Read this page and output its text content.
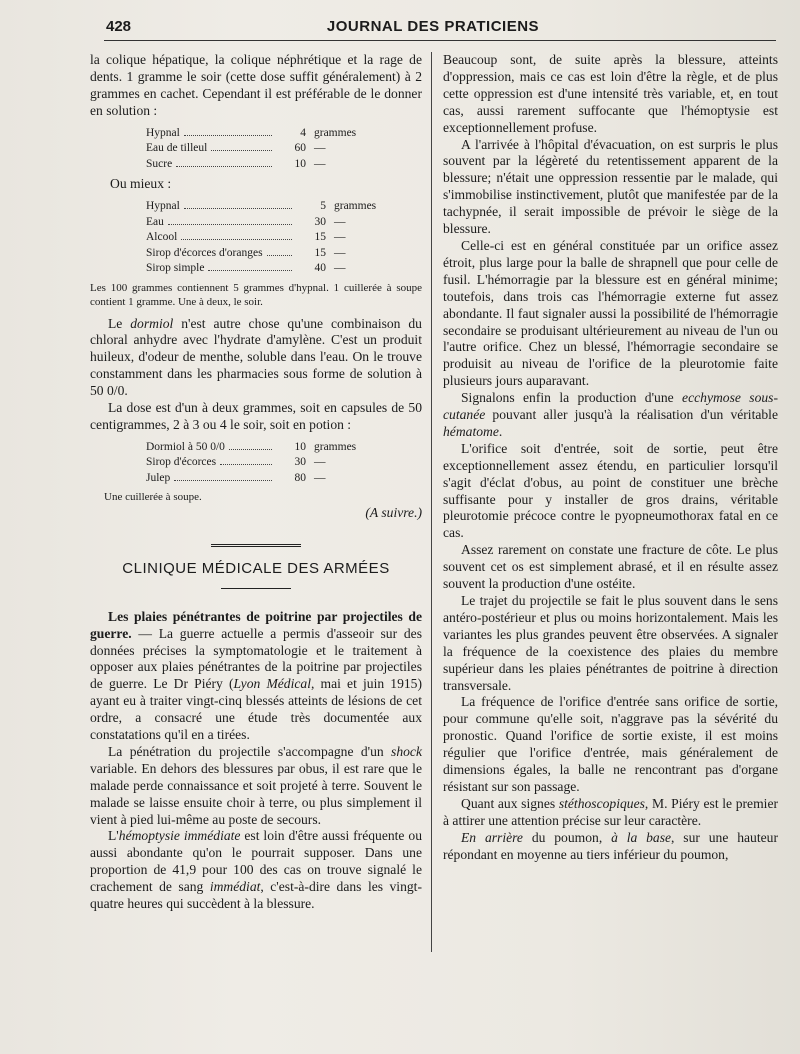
428	JOURNAL DES PRATICIENS

la colique hépatique, la colique néphrétique et la rage de dents. 1 gramme le soir (cette dose suffit généralement) à 2 grammes en cachet. Cependant il est préférable de le donner en solution :

Hypnal	4 grammes
Eau de tilleul	60 —
Sucre	10 —
Ou mieux :
Hypnal	5 grammes
Eau	30 —
Alcool	15 —
Sirop d'écorces d'oranges	15 —
Sirop simple	40 —

Les 100 grammes contiennent 5 grammes d'hypnal. 1 cuillerée à soupe contient 1 gramme. Une à deux, le soir.

Le dormiol n'est autre chose qu'une combinaison du chloral anhydre avec l'hydrate d'amylène. C'est un produit huileux, d'odeur de menthe, soluble dans l'eau. On le trouve constamment dans les pharmacies sous forme de solution à 50 0/0.

La dose est d'un à deux grammes, soit en capsules de 50 centigrammes, 2 à 3 ou 4 le soir, soit en potion :

Dormiol à 50 0/0	10 grammes
Sirop d'écorces	30 —
Julep	80 —

Une cuillerée à soupe.

(A suivre.)

CLINIQUE MÉDICALE DES ARMÉES

Les plaies pénétrantes de poitrine par projectiles de guerre. — La guerre actuelle a permis d'asseoir sur des données précises la symptomatologie et le traitement à opposer aux plaies pénétrantes de la poitrine par projectiles de guerre. Le Dr Piéry (Lyon Médical, mai et juin 1915) ayant eu à traiter vingt-cinq blessés atteints de lésions de cet ordre, a consacré une étude très documentée aux constatations qu'il en a tirées.

La pénétration du projectile s'accompagne d'un shock variable. En dehors des blessures par obus, il est rare que le malade perde connaissance et soit projeté à terre. Souvent le malade se laisse ensuite choir à terre, ou plus simplement il vient à pied lui-même au poste de secours.

L'hémoptysie immédiate est loin d'être aussi fréquente ou aussi abondante qu'on le pourrait supposer. Dans une proportion de 41,9 pour 100 des cas on trouve signalé le crachement de sang immédiat, c'est-à-dire dans les vingt-quatre heures qui succèdent à la blessure.

Beaucoup sont, de suite après la blessure, atteints d'oppression, mais ce cas est loin d'être la règle, et de plus cette oppression est d'une intensité très variable, et, en tout cas, aussi rarement suffocante que l'hémoptysie est exceptionnellement profuse.

A l'arrivée à l'hôpital d'évacuation, on est surpris le plus souvent par la légèreté du retentissement apparent de la blessure; n'était une oppression ressentie par le malade, qui s'immobilise instinctivement, plutôt que manifestée par de la tachypnée, il serait impossible de prévoir le siège de la blessure.

Celle-ci est en général constituée par un orifice assez étroit, plus large pour la balle de shrapnell que pour celle de fusil. L'hémorragie par la blessure est en général minime; toutefois, dans trois cas l'hémorragie externe fut assez abondante. Il faut signaler aussi la possibilité de l'hémorragie secondaire se produisant ultérieurement au niveau de l'un ou l'autre orifice. Chez un blessé, l'hémorragie secondaire se produisit au niveau de l'orifice de la pleurotomie faite plusieurs jours auparavant.

Signalons enfin la production d'une ecchymose sous-cutanée pouvant aller jusqu'à la réalisation d'un véritable hématome.

L'orifice soit d'entrée, soit de sortie, peut être exceptionnellement assez étendu, en particulier lorsqu'il s'agit d'éclat d'obus, au point de constituer une brèche suffisante pour y installer de gros drains, véritable pleurotomie précoce contre le pyopneumothorax fatal en ce cas.

Assez rarement on constate une fracture de côte. Le plus souvent cet os est simplement abrasé, et il en résulte assez souvent la production d'une ostéite.

Le trajet du projectile se fait le plus souvent dans le sens antéro-postérieur et plus ou moins horizontalement. Mais les variantes les plus grandes peuvent être observées. A signaler la fréquence de la coexistence des plaies du membre supérieur dans les plaies pénétrantes de poitrine à direction transversale.

La fréquence de l'orifice d'entrée sans orifice de sortie, pour commune qu'elle soit, n'aggrave pas la sévérité du pronostic. Quand l'orifice de sortie existe, il est moins régulier que l'orifice d'entrée, mais généralement de dimensions égales, la balle ne rencontrant pas d'organe résistant sur son passage.

Quant aux signes stéthoscopiques, M. Piéry est le premier à attirer une attention précise sur leur caractère.

En arrière du poumon, à la base, sur une hauteur répondant en moyenne au tiers inférieur du poumon,
